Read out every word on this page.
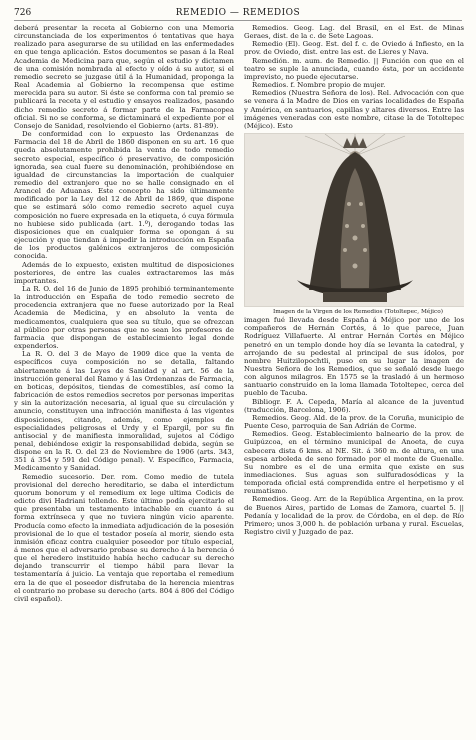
726	REMEDIO — REMEDIOS

deberá presentar la receta al Gobierno con una Memoria circunstanciada de los experimentos ó tentativas que haya realizado para asegurarse de su utilidad en las enfermedades en que tenga aplicación. Estos documentos se pasan á la Real Academia de Medicina para que, según el estudio y dictamen de una comisión nombrada al efecto y oído á su autor, si el remedio secreto se juzgase útil á la Humanidad, proponga la Real Academia al Gobierno la recompensa que estime merecida para su autor. Si éste se conforma con tal premio se publicará la receta y el estudio y ensayos realizados, pasando dicho remedio secreto á formar parte de la Farmacopea oficial. Si no se conforma, se dictaminará el expediente por el Consejo de Sanidad, resolviendo el Gobierno (arts. 81-89).

De conformidad con lo expuesto las Ordenanzas de Farmacia del 18 de Abril de 1860 disponen en su art. 16 que queda absolutamente prohibida la venta de todo remedio secreto especial, específico ó preservativo, de composición ignorada, sea cual fuere su denominación, prohibiéndose en igualdad de circunstancias la importación de cualquier remedio del extranjero que no se halle consignado en el Arancel de Aduanas. Este concepto ha sido últimamente modificado por la Ley del 12 de Abril de 1869, que dispone que se estimará sólo como remedio secreto aquel cuya composición no fuere expresada en la etiqueta, ó cuya fórmula no hubiese sido publicada (art. 1.º), derogando todas las disposiciones que en cualquier forma se opongan á su ejecución y que tiendan á impedir la introducción en España de los productos galénicos extranjeros de composición conocida.

Además de lo expuesto, existen multitud de disposiciones posteriores, de entre las cuales extractaremos las más importantes.

La R. O. del 16 de Junio de 1895 prohibió terminantemente la introducción en España de todo remedio secreto de procedencia extranjera que no fuese autorizado por la Real Academia de Medicina, y en absoluto la venta de medicamentos, cualquiera que sea su título, que se ofrezcan al público por otras personas que no sean los profesores de farmacia que dispongan de establecimiento legal donde expenderlos.

La R. O. del 3 de Mayo de 1909 dice que la venta de específicos cuya composición no se detalla, faltando abiertamente á las Leyes de Sanidad y al art. 56 de la instrucción general del Ramo y á las Ordenanzas de Farmacia, en boticas, depósitos, tiendas de comestibles, así como la fabricación de estos remedios secretos por personas imperitas y sin la autorización necesaria, al igual que su circulación y anuncio, constituyen una infracción manifiesta á las vigentes disposiciones, citando, además, como ejemplos de especialidades peligrosas el Urdy y el Epargil, por su fin antisocial y de manifiesta inmoralidad, sujetos al Código penal, debiéndose exigir la responsabilidad debida, según se dispone en la R. O. del 23 de Noviembre de 1906 (arts. 343, 351 á 354 y 591 del Código penal). V. Específico, Farmacia, Medicamento y Sanidad.

Remedio sucesorio. Der. rom. Como medio de tutela provisional del derecho hereditario, se daba el interdictum quorum bonorum y el remedium ex lege ultima Codicis de edicto divi Hadriani tollendo. Este último podía ejercitarlo el que presentaba un testamento intachable en cuanto á su forma extrínseca y que no tuviera ningún vicio aparente. Producía como efecto la inmediata adjudicación de la posesión provisional de lo que el testador poseía al morir, siendo esta inmisión eficaz contra cualquier poseedor por título especial, á menos que el adversario probase su derecho á la herencia ó que el heredero instituido había hecho caducar su derecho dejando transcurrir el tiempo hábil para llevar la testamentaría á juicio. La ventaja que reportaba el remedium era la de que el poseedor disfrutaba de la herencia mientras el contrario no probase su derecho (arts. 804 á 806 del Código civil español).

Remedios. Geog. Lag. del Brasil, en el Est. de Minas Geraes, dist. de la c. de Sete Lagoas.

Remedio (El). Geog. Est. del f. c. de Oviedo á Infiesto, en la prov. de Oviedo, dist. entre las est. de Lieres y Nava.

Remedión. m. aum. de Remedio. || Función con que en el teatro se suple la anunciada, cuando ésta, por un accidente imprevisto, no puede ejecutarse.

Remedios. f. Nombre propio de mujer.

Remedios (Nuestra Señora de los). Rel. Advocación con que se venera á la Madre de Dios en varias localidades de España y América, en santuarios, capillas y altares diversos. Entre las imágenes veneradas con este nombre, citase la de Totoltepec (Méjico). Esto

Imagen de la Virgen de los Remedios (Totoltepec, Méjico)

imagen fué llevada desde España á Méjico por uno de los compañeros de Hernán Cortés, á lo que parece, Juan Rodríguez Villafuerte. Al entrar Hernán Cortés en Méjico penetró en un templo donde hoy día se levanta la catedral, y arrojando de su pedestal al principal de sus ídolos, por nombre Huitzilopochtli, puso en su lugar la imagen de Nuestra Señora de los Remedios, que se señaló desde luego con algunos milagros. En 1575 se la trasladó á un hermoso santuario construido en la loma llamada Totoltepec, cerca del pueblo de Tacuba.

Bibliogr. F. A. Cepeda, María al alcance de la juventud (traducción, Barcelona, 1906).

Remedios. Geog. Ald. de la prov. de la Coruña, municipio de Puente Ceso, parroquia de San Adrián de Corme.

Remedios. Geog. Establecimiento balneario de la prov. de Guipúzcoa, en el término municipal de Anoeta, de cuya cabecera dista 6 kms. al NE. Sit. á 360 m. de altura, en una espesa arboleda de seno formado por el monte de Guenalle. Su nombre es el de una ermita que existe en sus inmediaciones. Sus aguas son sulfuradosódicas y la temporada oficial está comprendida entre el herpetismo y el reumatismo.

Remedios. Geog. Arr. de la República Argentina, en la prov. de Buenos Aires, partido de Lomas de Zamora, cuartel 5. || Pedanía y localidad de la prov. de Córdoba, en el dep. de Río Primero; unos 3,000 h. de población urbana y rural. Escuelas, Registro civil y Juzgado de paz.
